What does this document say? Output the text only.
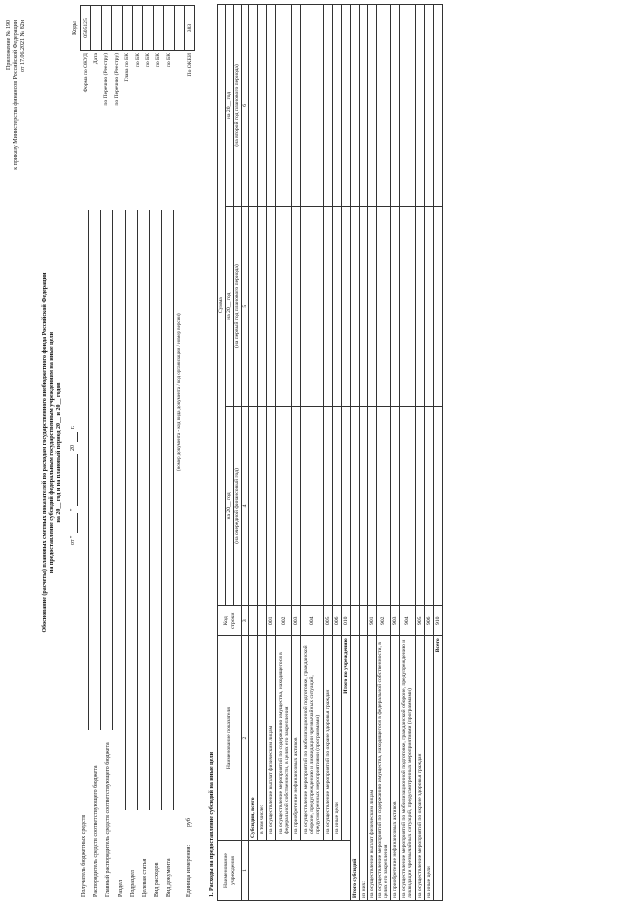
Приложение № 190 к приказу Министерства финансов Российской Федерации от 17.06.2021 № 82н
Обоснование (расчеты) плановых сметных показателей по расходам государственного внебюджетного фонда Российской Федерации на предоставление субсидий федеральным государственным учреждениям на иные цели на 20__ год и на плановый период 20__ и 20__ годов
от "
"
20
г.
Получатель бюджетных средств Распорядитель средств соответствующего бюджета Главный распорядитель средств соответствующего бюджета Раздел Подраздел Целевая статья Вид расходов Вид документа
(номер документа - код вида документа / код организации / номер версии)
Единица измерения:
руб
Форма по ОКУД	0505125
Дата	
по Перечню (Реестру)	
по Перечню (Реестру)	
Глава по БК	
по БК	
по БК	
по БК	
по БК	

По ОКЕИ	383
Коды
1. Расходы на предоставление субсидий на иные цели Наименование учреждения	Наименование показателя	Код строки	Сумма		
			на 20__ год	на 20__ год	на 20__ год
			(на очередной финансовый год)	(на первый год планового периода)	(на второй год планового периода)
1	2	3	4	5	6
	Субсидии, всего				
	в том числе:				
	на осуществление выплат физическим лицам	001			
	на осуществление мероприятий по содержанию имущества, находящегося в федеральной собственности, в целях его закрепления	002			
	на приобретение нефинансовых активов	003			
	на осуществление мероприятий по мобилизационной подготовке, гражданской обороне, предупреждению и ликвидации чрезвычайных ситуаций, предусмотренных мероприятиями (программами)	004			
	на осуществление мероприятий по охране здоровья граждан	005			
	на иные цели	006			
	Итого по учреждению	010			
Итого субсидий					
из них:					
на осуществление выплат физическим лицам		901			
на осуществление мероприятий по содержанию имущества, находящегося в федеральной собственности, в целях его закрепления		902			
на приобретение нефинансовых активов		903			
на осуществление мероприятий по мобилизационной подготовке, гражданской обороне, предупреждению и ликвидации чрезвычайных ситуаций, предусмотренных мероприятиями (программами)		904			
на осуществление мероприятий по охране здоровья граждан		905			
на иные цели		906			
Всего		910			
